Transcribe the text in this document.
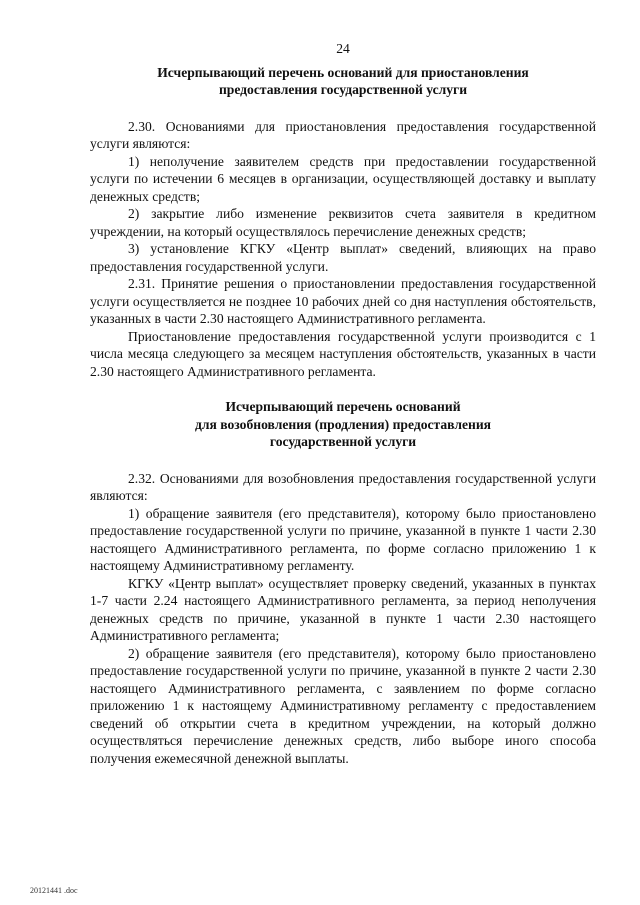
24
Исчерпывающий перечень оснований для приостановления
предоставления государственной услуги

2.30. Основаниями для приостановления предоставления государственной услуги являются:

1) неполучение заявителем средств при предоставлении государственной услуги по истечении 6 месяцев в организации, осуществляющей доставку и выплату денежных средств;

2) закрытие либо изменение реквизитов счета заявителя в кредитном учреждении, на который осуществлялось перечисление денежных средств;

3) установление КГКУ «Центр выплат» сведений, влияющих на право предоставления государственной услуги.

2.31. Принятие решения о приостановлении предоставления государственной услуги осуществляется не позднее 10 рабочих дней со дня наступления обстоятельств, указанных в части 2.30 настоящего Административного регламента.

Приостановление предоставления государственной услуги производится с 1 числа месяца следующего за месяцем наступления обстоятельств, указанных в части 2.30 настоящего Административного регламента.

Исчерпывающий перечень оснований
для возобновления (продления) предоставления
государственной услуги

2.32. Основаниями для возобновления предоставления государственной услуги являются:

1) обращение заявителя (его представителя), которому было приостановлено предоставление государственной услуги по причине, указанной в пункте 1 части 2.30 настоящего Административного регламента, по форме согласно приложению 1 к настоящему Административному регламенту.

КГКУ «Центр выплат» осуществляет проверку сведений, указанных в пунктах 1-7 части 2.24 настоящего Административного регламента, за период неполучения денежных средств по причине, указанной в пункте 1 части 2.30 настоящего Административного регламента;

2) обращение заявителя (его представителя), которому было приостановлено предоставление государственной услуги по причине, указанной в пункте 2 части 2.30 настоящего Административного регламента, с заявлением по форме согласно приложению 1 к настоящему Административному регламенту с предоставлением сведений об открытии счета в кредитном учреждении, на который должно осуществляться перечисление денежных средств, либо выборе иного способа получения ежемесячной денежной выплаты.

20121441 .doc
